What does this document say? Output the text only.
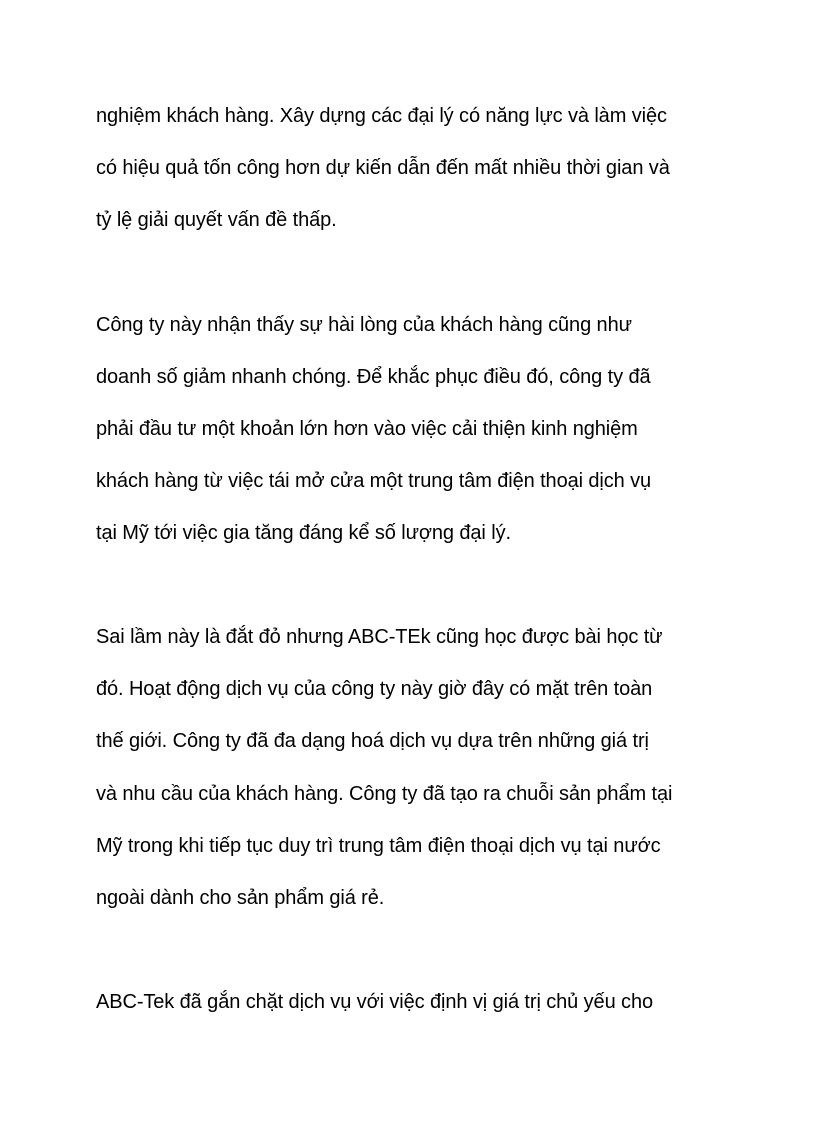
nghiệm khách hàng. Xây dựng các đại lý có năng lực và làm việc
có hiệu quả tốn công hơn dự kiến dẫn đến mất nhiều thời gian và
tỷ lệ giải quyết vấn đề thấp.
Công ty này nhận thấy sự hài lòng của khách hàng cũng như
doanh số giảm nhanh chóng. Để khắc phục điều đó, công ty đã
phải đầu tư một khoản lớn hơn vào việc cải thiện kinh nghiệm
khách hàng từ việc tái mở cửa một trung tâm điện thoại dịch vụ
tại Mỹ tới việc gia tăng đáng kể số lượng đại lý.
Sai lầm này là đắt đỏ nhưng ABC-TEk cũng học được bài học từ
đó. Hoạt động dịch vụ của công ty này giờ đây có mặt trên toàn
thế giới. Công ty đã đa dạng hoá dịch vụ dựa trên những giá trị
và nhu cầu của khách hàng. Công ty đã tạo ra chuỗi sản phẩm tại
Mỹ trong khi tiếp tục duy trì trung tâm điện thoại dịch vụ tại nước
ngoài dành cho sản phẩm giá rẻ.
ABC-Tek đã gắn chặt dịch vụ với việc định vị giá trị chủ yếu cho
